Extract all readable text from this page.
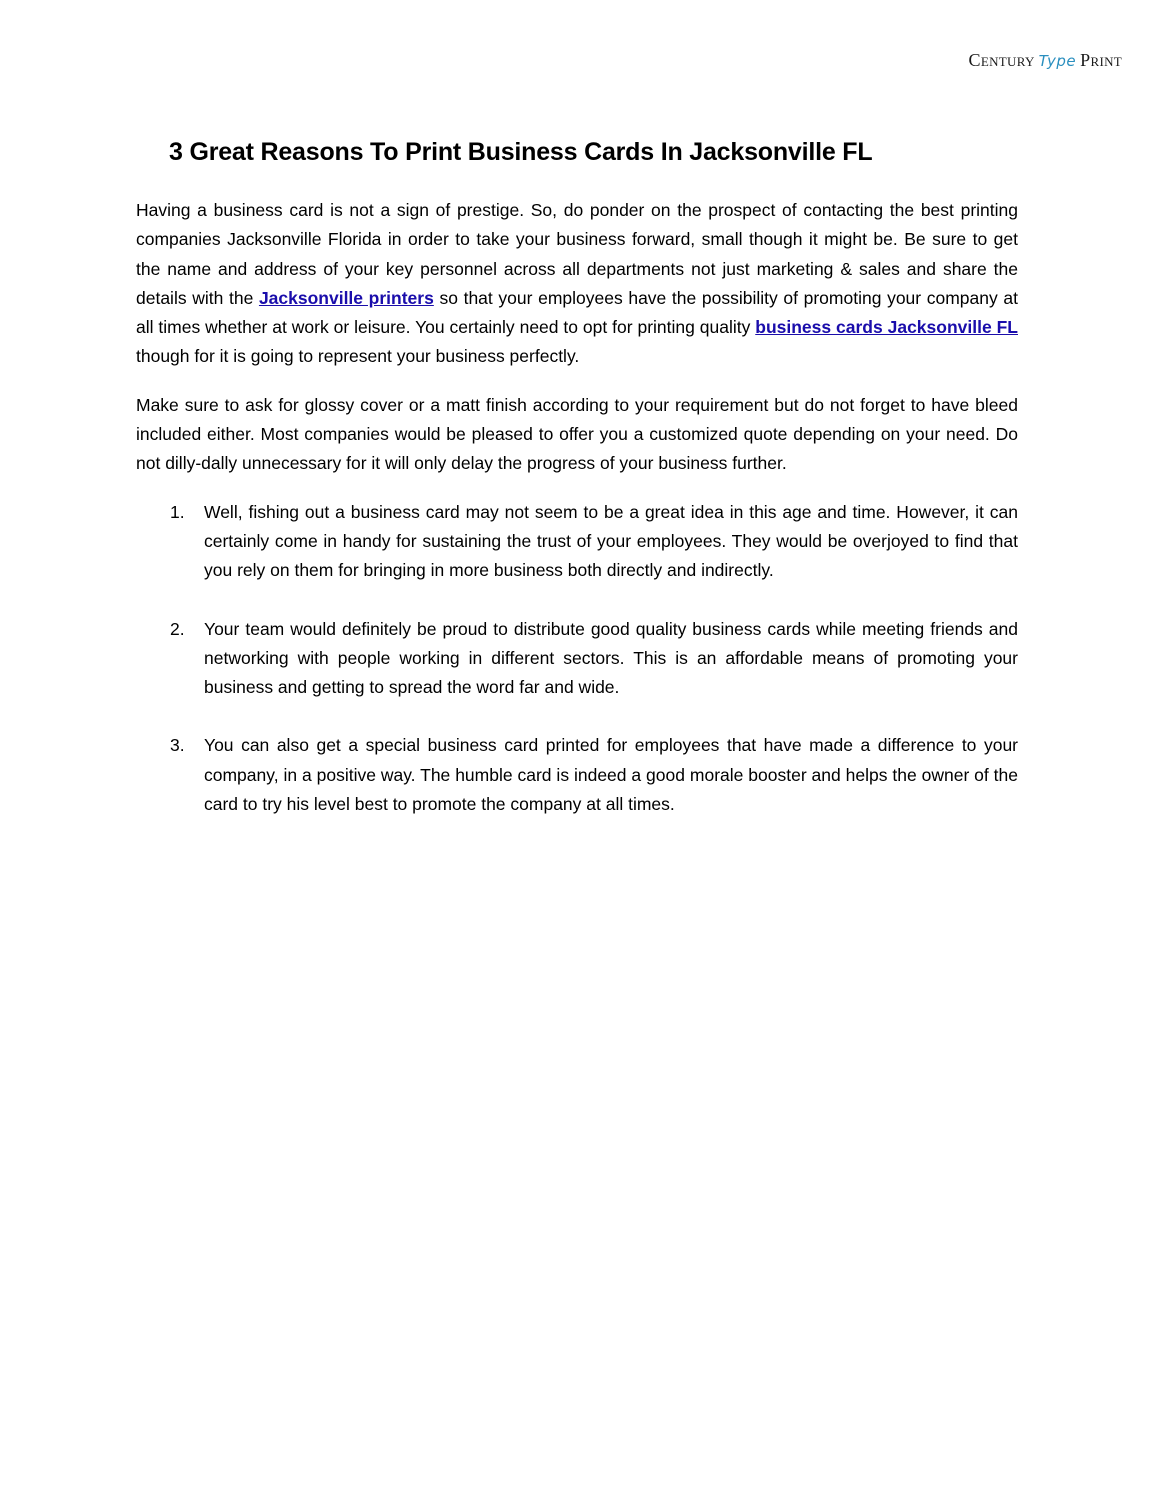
Century Type Print
3 Great Reasons To Print Business Cards In Jacksonville FL

Having a business card is not a sign of prestige. So, do ponder on the prospect of contacting the best printing companies Jacksonville Florida in order to take your business forward, small though it might be. Be sure to get the name and address of your key personnel across all departments not just marketing & sales and share the details with the Jacksonville printers so that your employees have the possibility of promoting your company at all times whether at work or leisure. You certainly need to opt for printing quality business cards Jacksonville FL though for it is going to represent your business perfectly.

Make sure to ask for glossy cover or a matt finish according to your requirement but do not forget to have bleed included either. Most companies would be pleased to offer you a customized quote depending on your need. Do not dilly-dally unnecessary for it will only delay the progress of your business further.

1. Well, fishing out a business card may not seem to be a great idea in this age and time. However, it can certainly come in handy for sustaining the trust of your employees. They would be overjoyed to find that you rely on them for bringing in more business both directly and indirectly.
2. Your team would definitely be proud to distribute good quality business cards while meeting friends and networking with people working in different sectors. This is an affordable means of promoting your business and getting to spread the word far and wide.
3. You can also get a special business card printed for employees that have made a difference to your company, in a positive way. The humble card is indeed a good morale booster and helps the owner of the card to try his level best to promote the company at all times.
